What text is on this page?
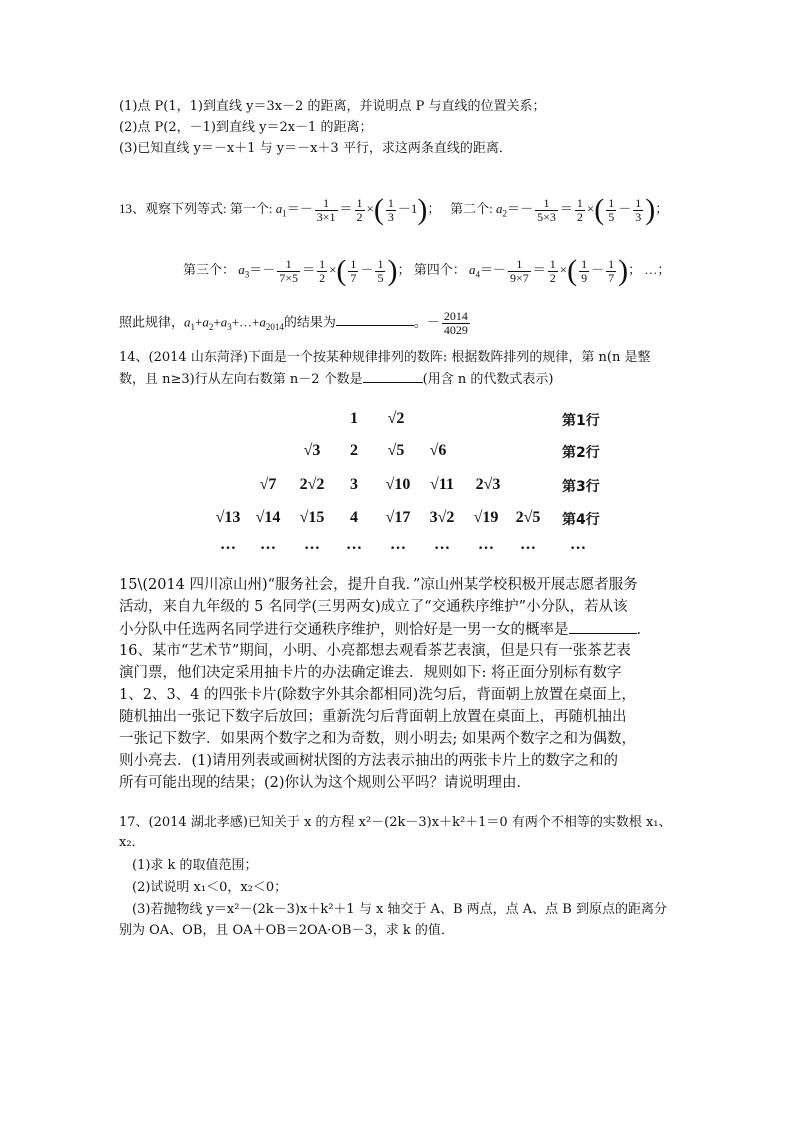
(1)点 P(1，1)到直线 y＝3x－2 的距离，并说明点 P 与直线的位置关系；
(2)点 P(2，－1)到直线 y＝2x－1 的距离；
(3)已知直线 y＝－x＋1 与 y＝－x＋3 平行，求这两条直线的距离．
13、观察下列等式: 第一个: $a_1=- \frac{1}{3\times 1} = \frac{1}{2}$ ×( $\frac{1}{3} -1$)；   第二个: $a_2=- \frac{1}{5\times 3} = \frac{1}{2}$ ×( $\frac{1}{5} - \frac{1}{3}$ )；
第三个： $a_3=- \frac{1}{7\times 5} = \frac{1}{2}$ ×( $\frac{1}{7} - \frac{1}{5}$ )； 第四个： $a_4=- \frac{1}{9\times 7} = \frac{1}{2}$ ×( $\frac{1}{9} - \frac{1}{7}$ )； …；
照此规律，$a_1+a_2+a_3+\dots+a_{2014}$的结果为	。－ $\frac{2014}{4029}$
14、(2014 山东菏泽)下面是一个按某种规律排列的数阵: 根据数阵排列的规律，第 n(n 是整
数，且 n≥3)行从左向右数第 n－2 个数是	(用含 n 的代数式表示)
1 √2	第1行
√3 2 √5 √6	第2行
√7 2√2 3 √10 √11 2√3	第3行
√13 √14 √15 4 √17 3√2 √19 2√5 第4行
… … … … … … … … …
15\(2014 四川凉山州)“服务社会，提升自我．”凉山州某学校积极开展志愿者服务
活动，来自九年级的 5 名同学(三男两女)成立了“交通秩序维护”小分队，若从该
小分队中任选两名同学进行交通秩序维护，则恰好是一男一女的概率是	．
16、某市“艺术节”期间，小明、小亮都想去观看茶艺表演，但是只有一张茶艺表
演门票，他们决定采用抽卡片的办法确定谁去．规则如下: 将正面分别标有数字
1、2、3、4 的四张卡片(除数字外其余都相同)洗匀后，背面朝上放置在桌面上，
随机抽出一张记下数字后放回；重新洗匀后背面朝上放置在桌面上，再随机抽出
一张记下数字．如果两个数字之和为奇数，则小明去; 如果两个数字之和为偶数，
则小亮去．(1)请用列表或画树状图的方法表示抽出的两张卡片上的数字之和的
所有可能出现的结果；(2)你认为这个规则公平吗？请说明理由．
17、(2014 湖北孝感)已知关于 x 的方程 x²－(2k－3)x＋k²＋1＝0 有两个不相等的实数根 x₁、
x₂．
(1)求 k 的取值范围；
(2)试说明 x₁＜0，x₂＜0；
(3)若抛物线 y＝x²－(2k－3)x＋k²＋1 与 x 轴交于 A、B 两点，点 A、点 B 到原点的距离分
别为 OA、OB，且 OA＋OB＝2OA·OB－3，求 k 的值．
